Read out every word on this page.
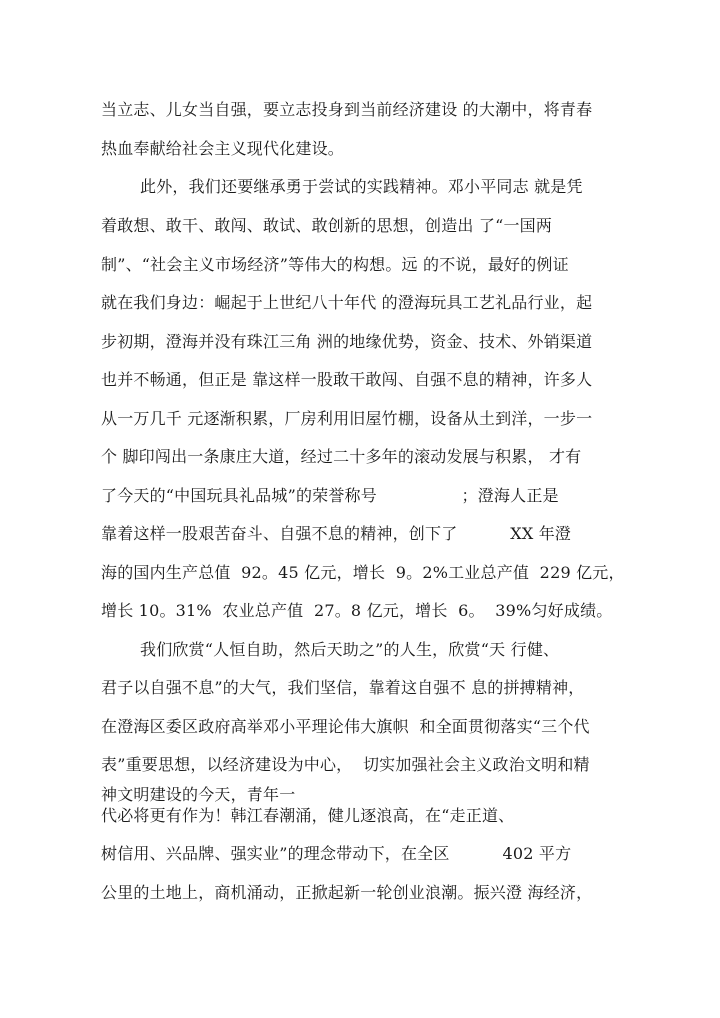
当立志、儿女当自强，要立志投身到当前经济建设 的大潮中，将青春
热血奉献给社会主义现代化建设。
此外，我们还要继承勇于尝试的实践精神。邓小平同志 就是凭
着敢想、敢干、敢闯、敢试、敢创新的思想，创造出 了“一国两
制”、“社会主义市场经济”等伟大的构想。远 的不说，最好的例证
就在我们身边：崛起于上世纪八十年代 的澄海玩具工艺礼品行业，起
步初期，澄海并没有珠江三角 洲的地缘优势，资金、技术、外销渠道
也并不畅通，但正是 靠这样一股敢干敢闯、自强不息的精神，许多人
从一万几千 元逐渐积累，厂房利用旧屋竹棚，设备从土到洋，一步一
个 脚印闯出一条康庄大道，经过二十多年的滚动发展与积累， 才有
了今天的“中国玩具礼品城”的荣誉称号                ；澄海人正是
靠着这样一股艰苦奋斗、自强不息的精神，创下了          XX 年澄
海的国内生产总值  92。45 亿元，增长  9。2%工业总产值  229 亿元，
增长 10。31%  农业总产值  27。8 亿元，增长  6。  39%匀好成绩。
我们欣赏“人恒自助，然后天助之”的人生，欣赏“天 行健、
君子以自强不息”的大气，我们坚信，靠着这自强不 息的拼搏精神，
在澄海区委区政府高举邓小平理论伟大旗帜  和全面贯彻落实“三个代
表”重要思想，以经济建设为中心，  切实加强社会主义政治文明和精
神文明建设的今天，青年一
代必将更有作为！韩江春潮涌，健儿逐浪高，在“走正道、
树信用、兴品牌、强实业”的理念带动下，在全区          402 平方
公里的土地上，商机涌动，正掀起新一轮创业浪潮。振兴澄 海经济，
